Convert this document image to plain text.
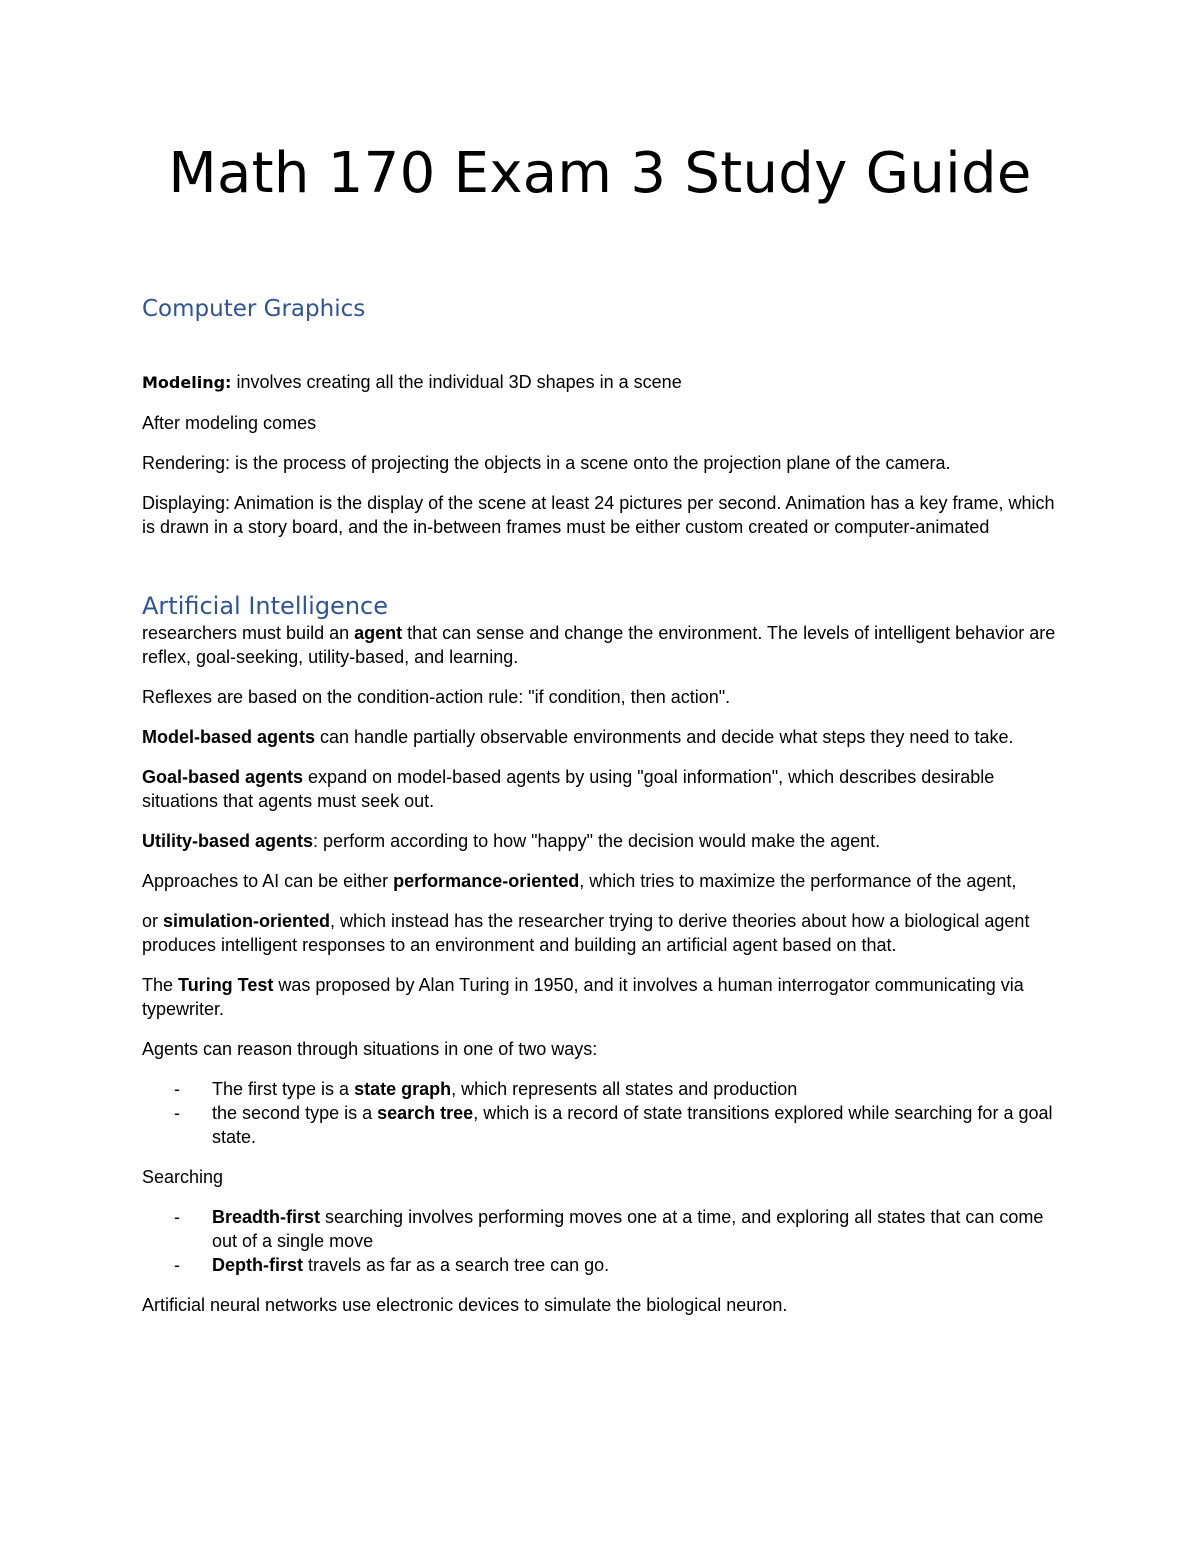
Math 170 Exam 3 Study Guide
Computer Graphics

Modeling: involves creating all the individual 3D shapes in a scene

After modeling comes

Rendering: is the process of projecting the objects in a scene onto the projection plane of the camera.

Displaying: Animation is the display of the scene at least 24 pictures per second. Animation has a key frame, which is drawn in a story board, and the in-between frames must be either custom created or computer-animated

Artificial Intelligence

researchers must build an agent that can sense and change the environment. The levels of intelligent behavior are reflex, goal-seeking, utility-based, and learning.

Reflexes are based on the condition-action rule: "if condition, then action".

Model-based agents can handle partially observable environments and decide what steps they need to take.

Goal-based agents expand on model-based agents by using "goal information", which describes desirable situations that agents must seek out.

Utility-based agents: perform according to how "happy" the decision would make the agent.

Approaches to AI can be either performance-oriented, which tries to maximize the performance of the agent,

or simulation-oriented, which instead has the researcher trying to derive theories about how a biological agent produces intelligent responses to an environment and building an artificial agent based on that.

The Turing Test was proposed by Alan Turing in 1950, and it involves a human interrogator communicating via typewriter.

Agents can reason through situations in one of two ways:

- The first type is a state graph, which represents all states and production
- the second type is a search tree, which is a record of state transitions explored while searching for a goal state.

Searching

- Breadth-first searching involves performing moves one at a time, and exploring all states that can come out of a single move
- Depth-first travels as far as a search tree can go.

Artificial neural networks use electronic devices to simulate the biological neuron.
